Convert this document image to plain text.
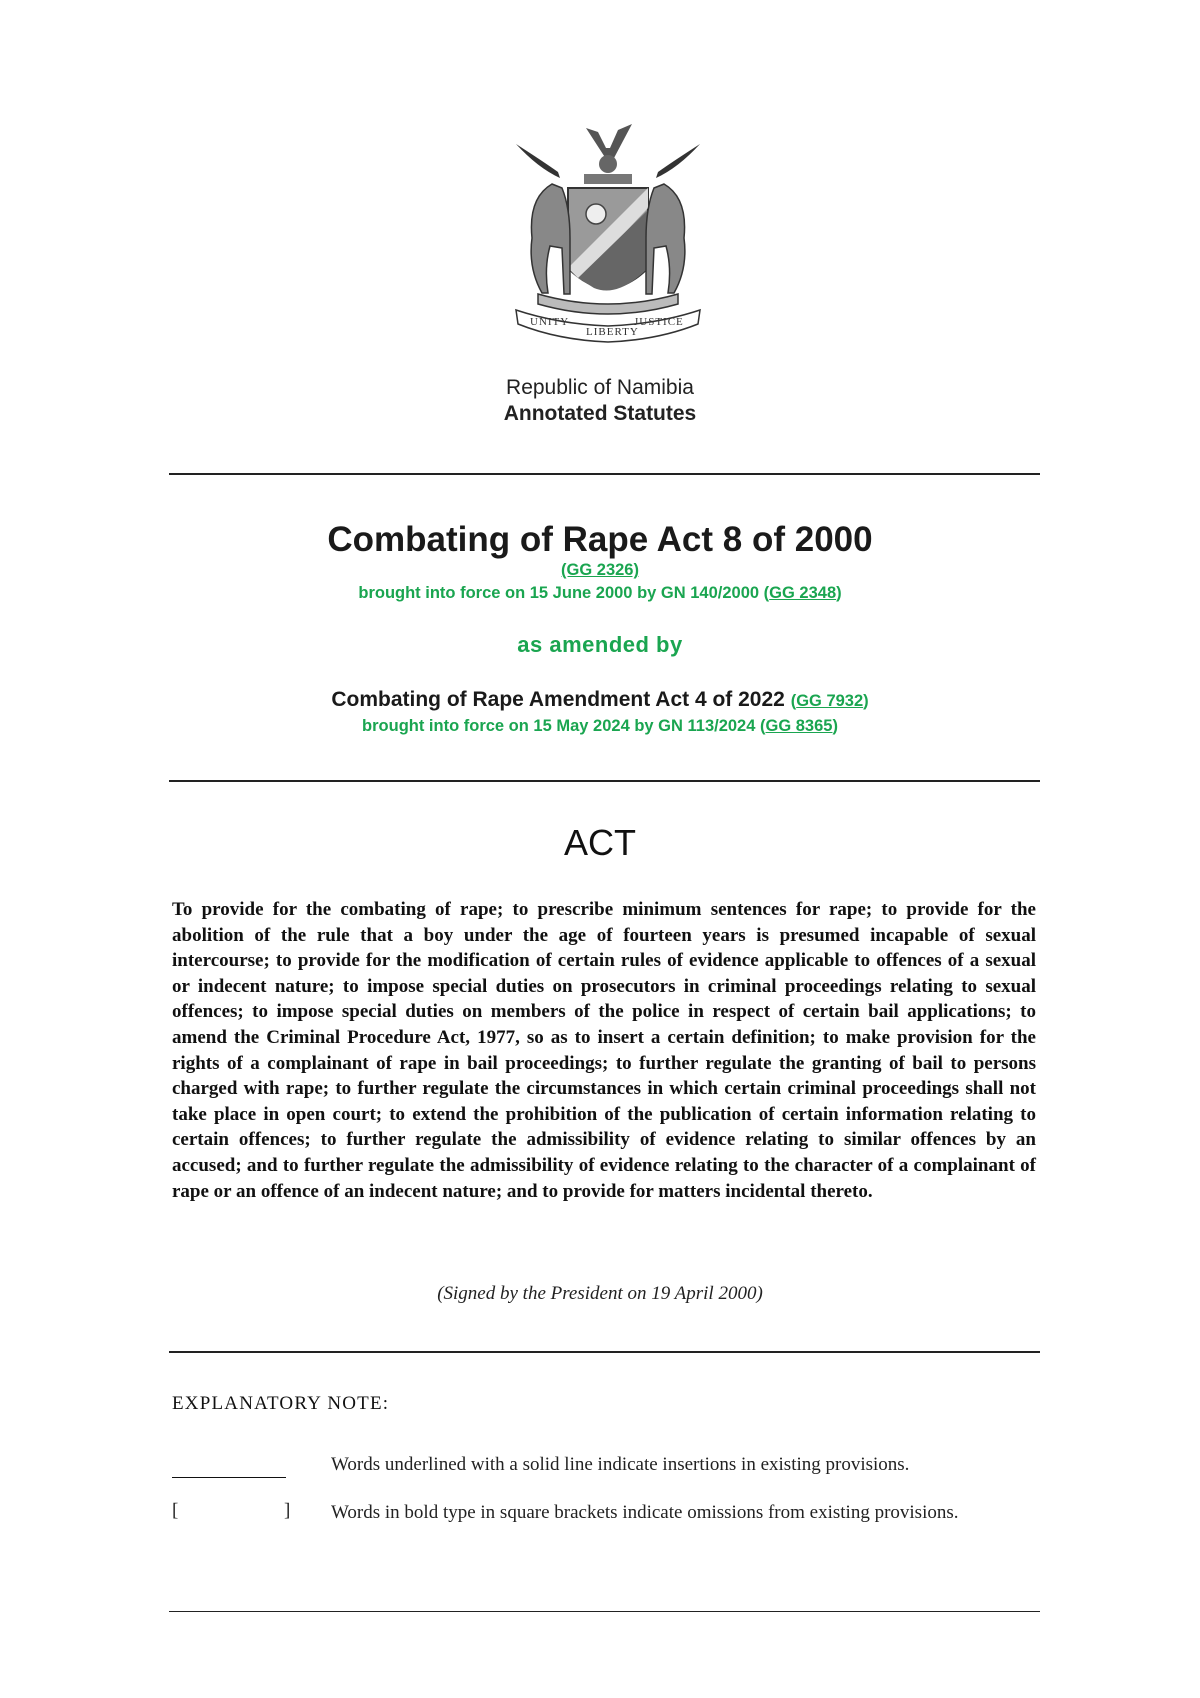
UNITY
LIBERTY
JUSTICE
Republic of Namibia
Annotated Statutes
Combating of Rape Act 8 of 2000
(GG 2326)
brought into force on 15 June 2000 by GN 140/2000 (GG 2348)
as amended by
Combating of Rape Amendment Act 4 of 2022 (GG 7932)
brought into force on 15 May 2024 by GN 113/2024 (GG 8365)
ACT
To provide for the combating of rape; to prescribe minimum sentences for rape; to provide for the abolition of the rule that a boy under the age of fourteen years is presumed incapable of sexual intercourse; to provide for the modification of certain rules of evidence applicable to offences of a sexual or indecent nature; to impose special duties on prosecutors in criminal proceedings relating to sexual offences; to impose special duties on members of the police in respect of certain bail applications; to amend the Criminal Procedure Act, 1977, so as to insert a certain definition; to make provision for the rights of a complainant of rape in bail proceedings; to further regulate the granting of bail to persons charged with rape; to further regulate the circumstances in which certain criminal proceedings shall not take place in open court; to extend the prohibition of the publication of certain information relating to certain offences; to further regulate the admissibility of evidence relating to similar offences by an accused; and to further regulate the admissibility of evidence relating to the character of a complainant of rape or an offence of an indecent nature; and to provide for matters incidental thereto.
(Signed by the President on 19 April 2000)
EXPLANATORY NOTE:
Words underlined with a solid line indicate insertions in existing provisions.
[	] Words in bold type in square brackets indicate omissions from existing provisions.
